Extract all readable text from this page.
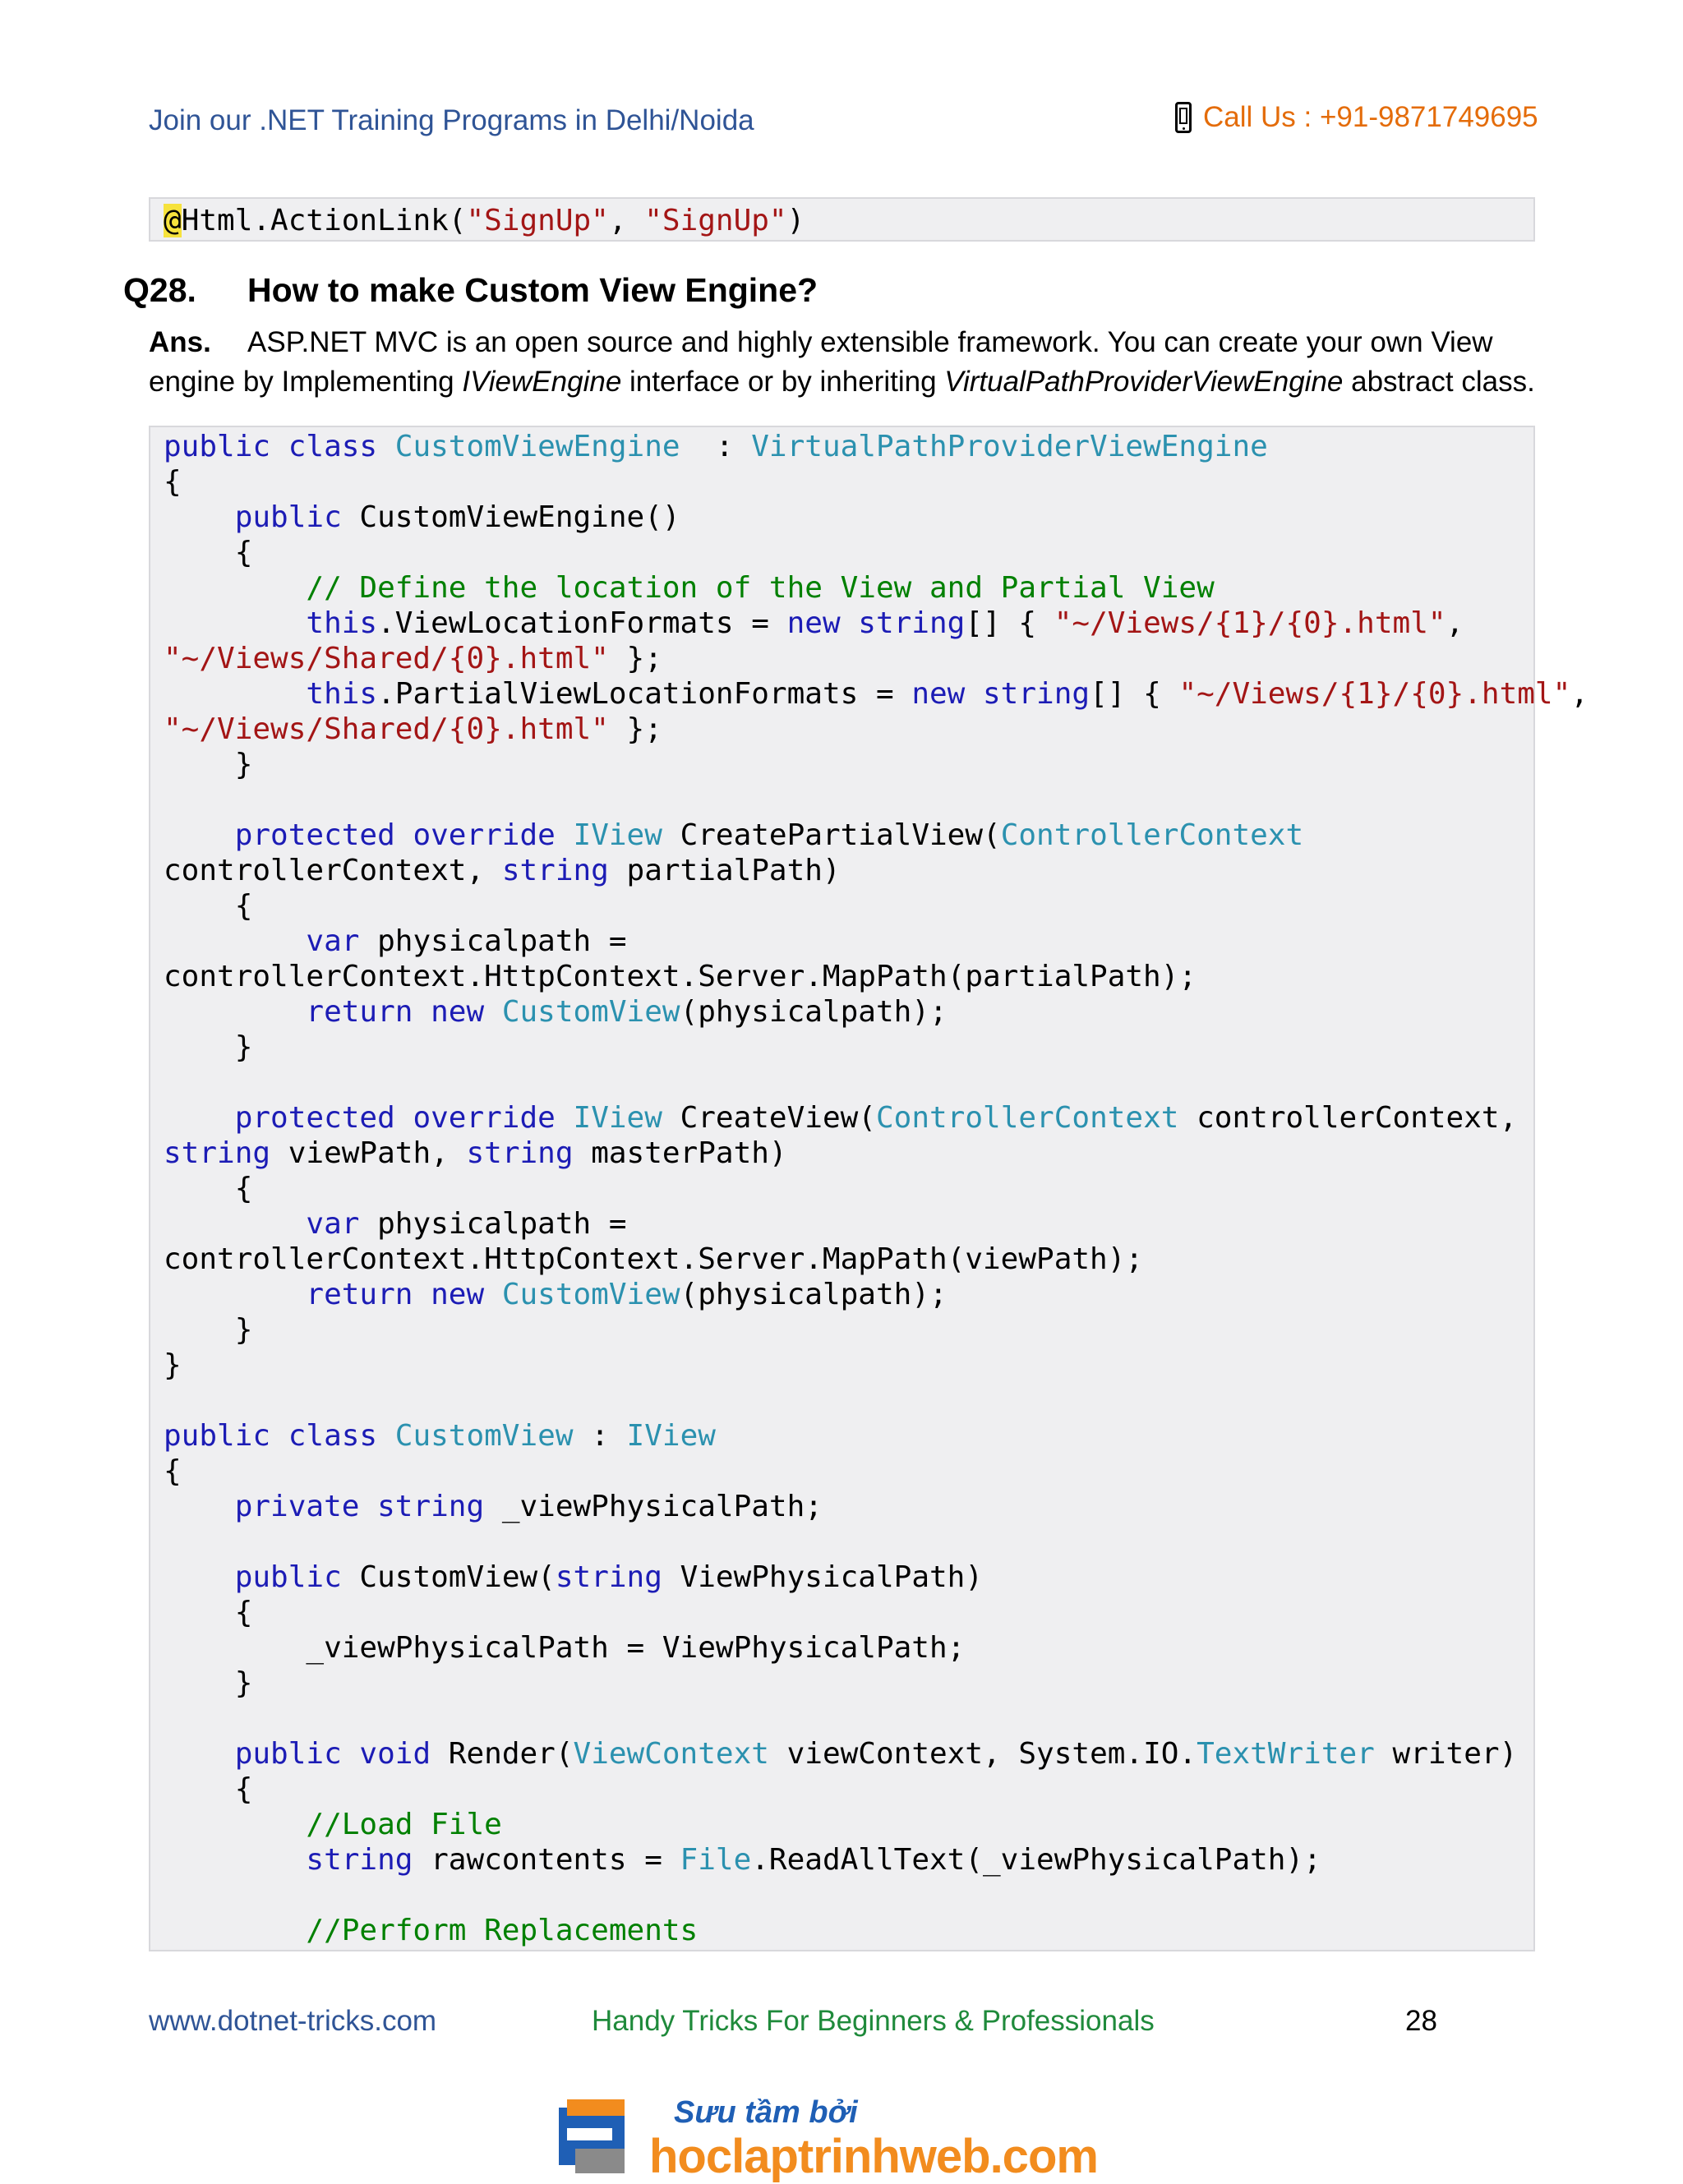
Join our .NET Training Programs in Delhi/Noida	Call Us : +91-9871749695
@Html.ActionLink("SignUp", "SignUp")
Q28. How to make Custom View Engine?
Ans. ASP.NET MVC is an open source and highly extensible framework. You can create your own View engine by Implementing IViewEngine interface or by inheriting VirtualPathProviderViewEngine abstract class.
public class CustomViewEngine  : VirtualPathProviderViewEngine
{
public CustomViewEngine()
{
// Define the location of the View and Partial View
this.ViewLocationFormats = new string[] { "~/Views/{1}/{0}.html",
"~/Views/Shared/{0}.html" };
this.PartialViewLocationFormats = new string[] { "~/Views/{1}/{0}.html",
"~/Views/Shared/{0}.html" };
}
protected override IView CreatePartialView(ControllerContext
controllerContext, string partialPath)
{
var physicalpath =
controllerContext.HttpContext.Server.MapPath(partialPath);
return new CustomView(physicalpath);
}
protected override IView CreateView(ControllerContext controllerContext,
string viewPath, string masterPath)
{
var physicalpath =
controllerContext.HttpContext.Server.MapPath(viewPath);
return new CustomView(physicalpath);
}
}
public class CustomView : IView
{
private string _viewPhysicalPath;
public CustomView(string ViewPhysicalPath)
{
_viewPhysicalPath = ViewPhysicalPath;
}
public void Render(ViewContext viewContext, System.IO.TextWriter writer)
{
//Load File
string rawcontents = File.ReadAllText(_viewPhysicalPath);
//Perform Replacements
www.dotnet-tricks.com	Handy Tricks For Beginners & Professionals	28
Sưu tầm bởi
hoclaptrinhweb.com
